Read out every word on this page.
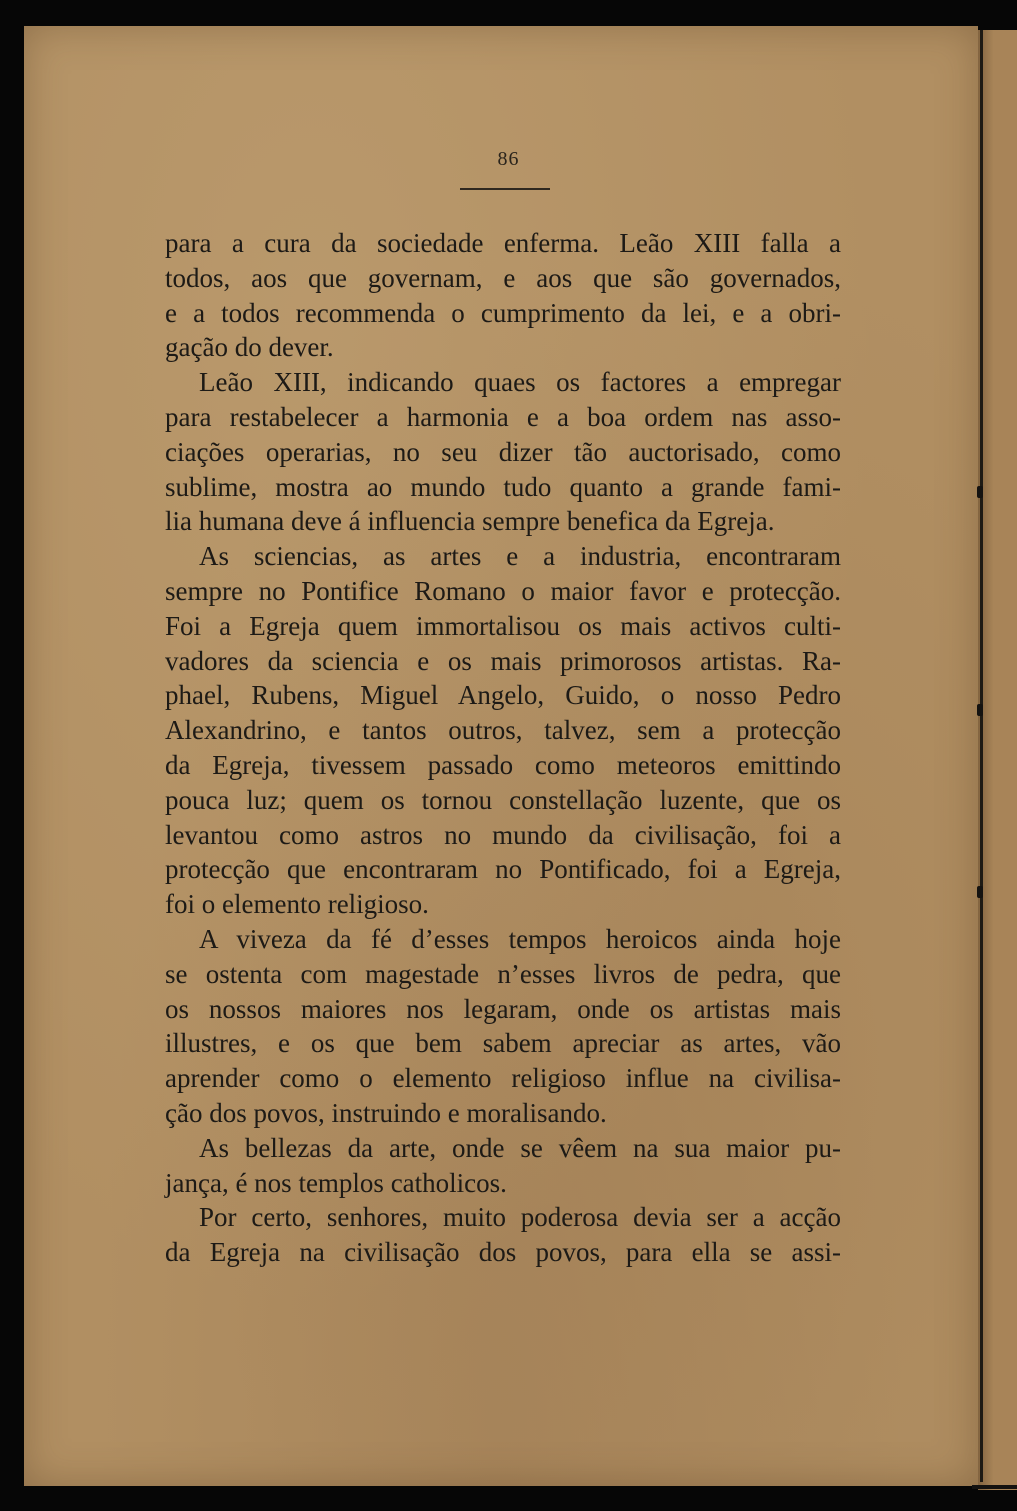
86
para a cura da sociedade enferma. Leão XIII falla a
todos, aos que governam, e aos que são governados,
e a todos recommenda o cumprimento da lei, e a obri-
gação do dever.
Leão XIII, indicando quaes os factores a empregar
para restabelecer a harmonia e a boa ordem nas asso-
ciações operarias, no seu dizer tão auctorisado, como
sublime, mostra ao mundo tudo quanto a grande fami-
lia humana deve á influencia sempre benefica da Egreja.
As sciencias, as artes e a industria, encontraram
sempre no Pontifice Romano o maior favor e protecção.
Foi a Egreja quem immortalisou os mais activos culti-
vadores da sciencia e os mais primorosos artistas. Ra-
phael, Rubens, Miguel Angelo, Guido, o nosso Pedro
Alexandrino, e tantos outros, talvez, sem a protecção
da Egreja, tivessem passado como meteoros emittindo
pouca luz; quem os tornou constellação luzente, que os
levantou como astros no mundo da civilisação, foi a
protecção que encontraram no Pontificado, foi a Egreja,
foi o elemento religioso.
A viveza da fé d’esses tempos heroicos ainda hoje
se ostenta com magestade n’esses livros de pedra, que
os nossos maiores nos legaram, onde os artistas mais
illustres, e os que bem sabem apreciar as artes, vão
aprender como o elemento religioso influe na civilisa-
ção dos povos, instruindo e moralisando.
As bellezas da arte, onde se vêem na sua maior pu-
jança, é nos templos catholicos.
Por certo, senhores, muito poderosa devia ser a acção
da Egreja na civilisação dos povos, para ella se assi-
